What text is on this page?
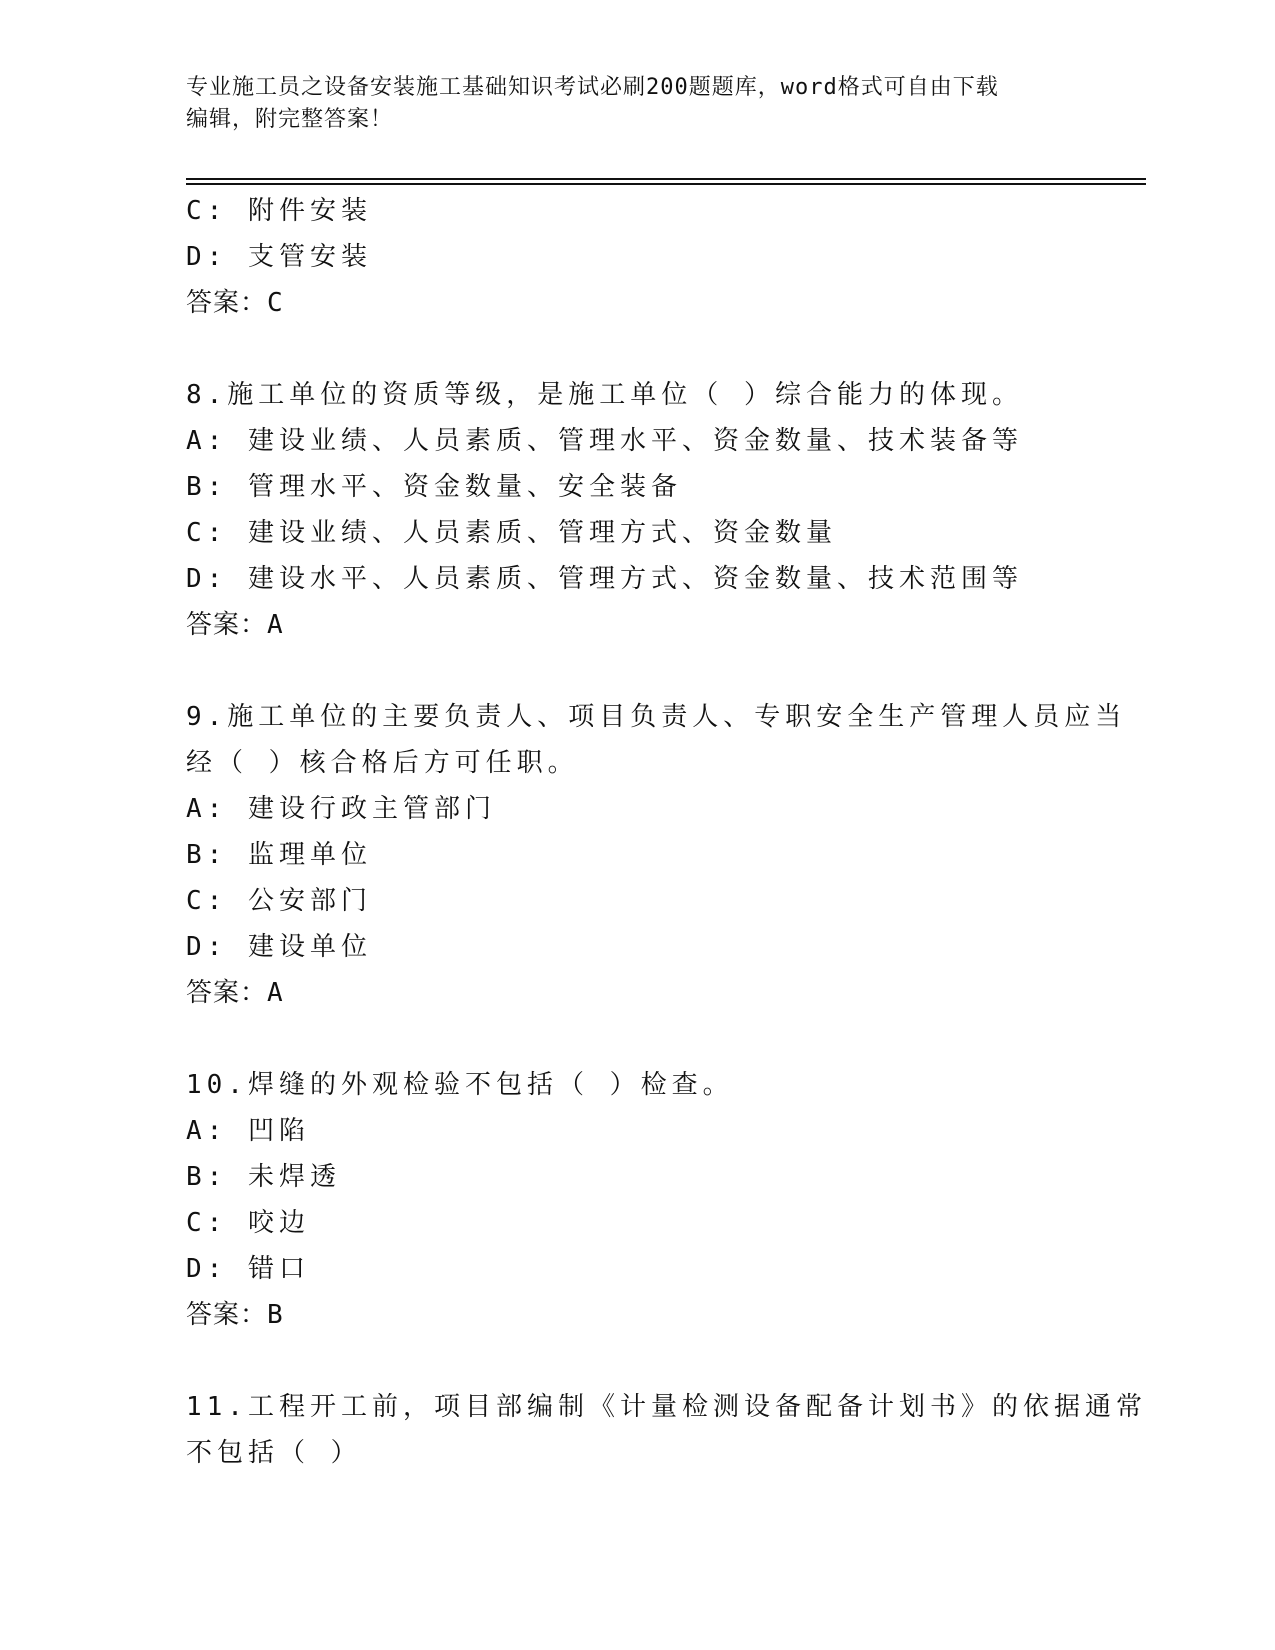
专业施工员之设备安装施工基础知识考试必刷200题题库，word格式可自由下载
编辑，附完整答案！
C: 附件安装
D: 支管安装
答案：C
8.施工单位的资质等级，是施工单位（ ）综合能力的体现。
A: 建设业绩、人员素质、管理水平、资金数量、技术装备等
B: 管理水平、资金数量、安全装备
C: 建设业绩、人员素质、管理方式、资金数量
D: 建设水平、人员素质、管理方式、资金数量、技术范围等
答案：A
9.施工单位的主要负责人、项目负责人、专职安全生产管理人员应当
经（ ）核合格后方可任职。
A: 建设行政主管部门
B: 监理单位
C: 公安部门
D: 建设单位
答案：A
10.焊缝的外观检验不包括（ ）检查。
A: 凹陷
B: 未焊透
C: 咬边
D: 错口
答案：B
11.工程开工前，项目部编制《计量检测设备配备计划书》的依据通常
不包括（ ）
